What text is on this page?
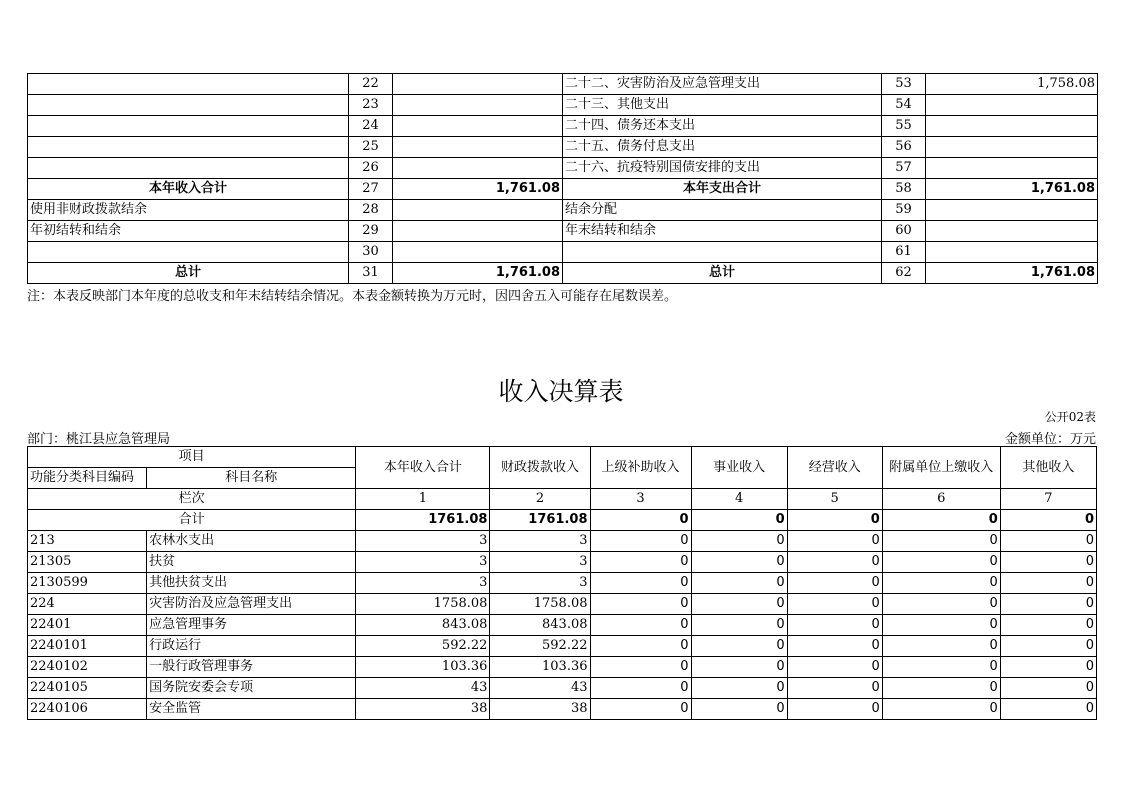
	22		二十二、灾害防治及应急管理支出	53	1,758.08
	23		二十三、其他支出	54	
	24		二十四、债务还本支出	55	
	25		二十五、债务付息支出	56	
	26		二十六、抗疫特别国债安排的支出	57	
本年收入合计	27	1,761.08	本年支出合计	58	1,761.08
使用非财政拨款结余	28		结余分配	59	
年初结转和结余	29		年末结转和结余	60	
	30			61	
总计	31	1,761.08	总计	62	1,761.08
注：本表反映部门本年度的总收支和年末结转结余情况。本表金额转换为万元时，因四舍五入可能存在尾数误差。
收入决算表
公开02表
部门：桃江县应急管理局	金额单位：万元
项目		本年收入合计	财政拨款收入	上级补助收入	事业收入	经营收入	附属单位上缴收入	其他收入
功能分类科目编码	科目名称							
栏次		1	2	3	4	5	6	7
合计		1761.08	1761.08	0	0	0	0	0
213	农林水支出	3	3	0	0	0	0	0
21305	扶贫	3	3	0	0	0	0	0
2130599	其他扶贫支出	3	3	0	0	0	0	0
224	灾害防治及应急管理支出	1758.08	1758.08	0	0	0	0	0
22401	应急管理事务	843.08	843.08	0	0	0	0	0
2240101	行政运行	592.22	592.22	0	0	0	0	0
2240102	一般行政管理事务	103.36	103.36	0	0	0	0	0
2240105	国务院安委会专项	43	43	0	0	0	0	0
2240106	安全监管	38	38	0	0	0	0	0
